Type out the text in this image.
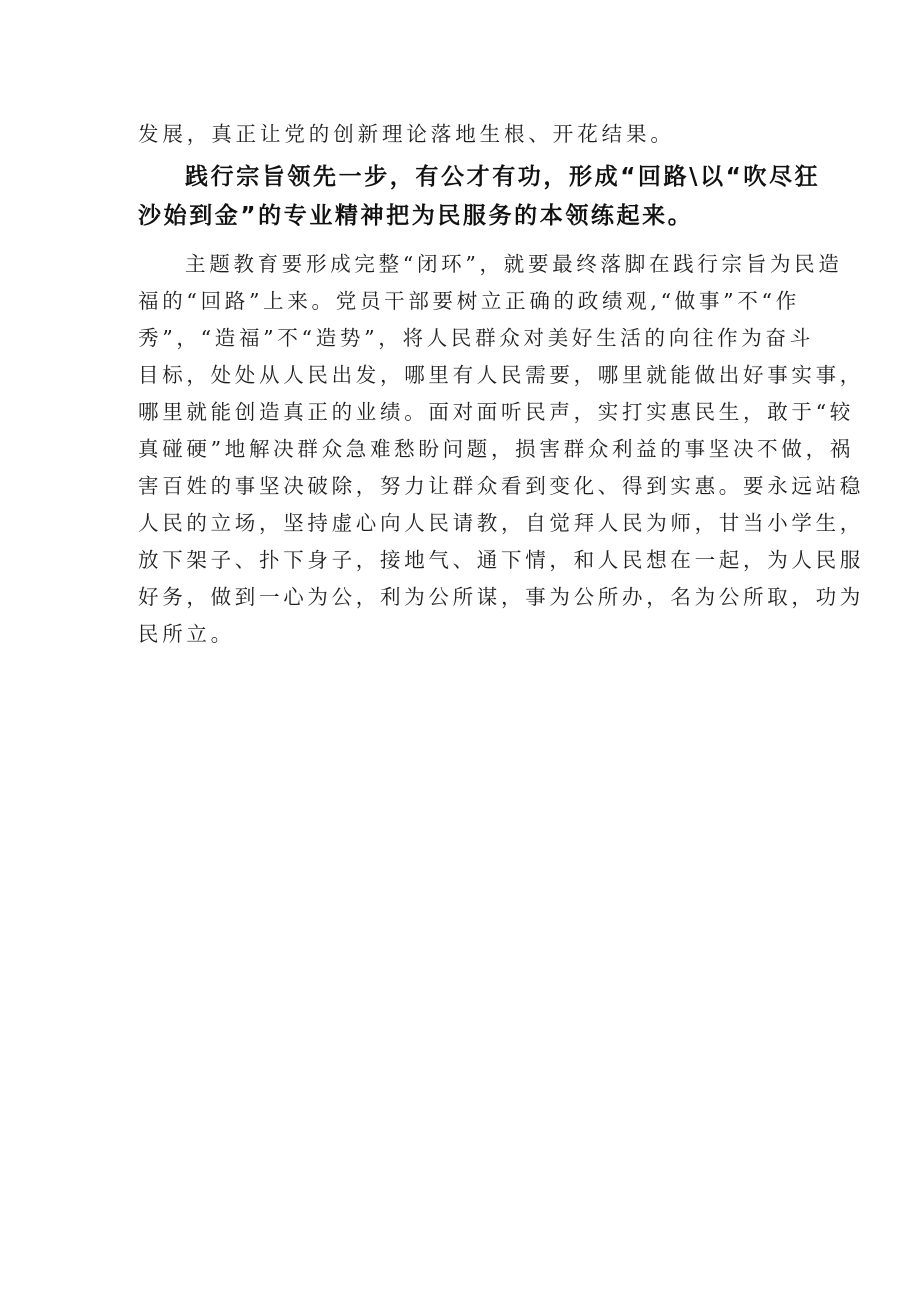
发展，真正让党的创新理论落地生根、开花结果。

践行宗旨领先一步，有公才有功，形成“回路\以“吹尽狂
沙始到金”的专业精神把为民服务的本领练起来。

主题教育要形成完整“闭环”，就要最终落脚在践行宗旨为民造
福的“回路”上来。党员干部要树立正确的政绩观,“做事”不“作
秀”，“造福”不“造势”，将人民群众对美好生活的向往作为奋斗
目标，处处从人民出发，哪里有人民需要，哪里就能做出好事实事，
哪里就能创造真正的业绩。面对面听民声，实打实惠民生，敢于“较
真碰硬”地解决群众急难愁盼问题，损害群众利益的事坚决不做，祸
害百姓的事坚决破除，努力让群众看到变化、得到实惠。要永远站稳
人民的立场，坚持虚心向人民请教，自觉拜人民为师，甘当小学生，
放下架子、扑下身子，接地气、通下情，和人民想在一起，为人民服
好务，做到一心为公，利为公所谋，事为公所办，名为公所取，功为
民所立。
